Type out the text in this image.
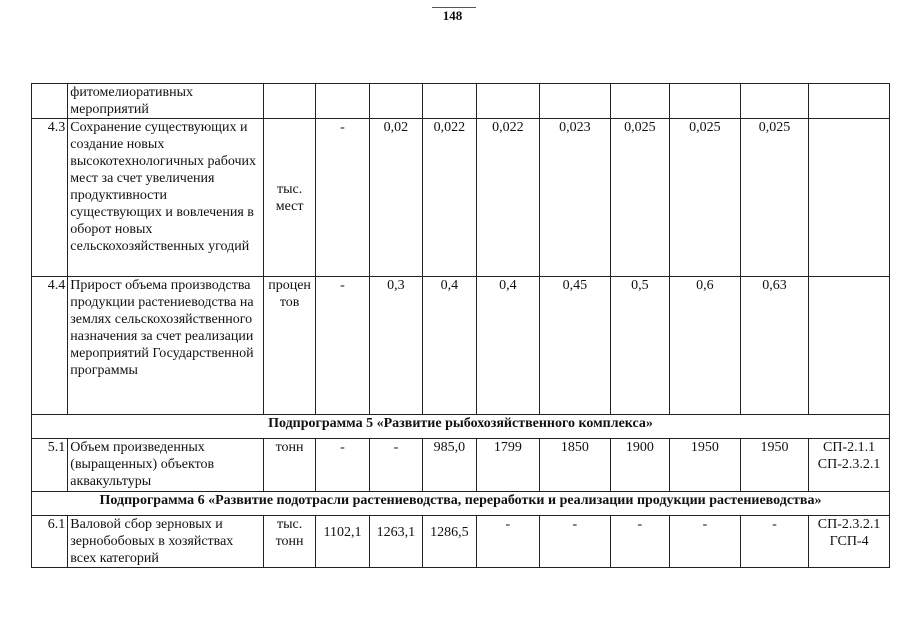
148
	фитомелиоративных мероприятий										
4.3	Сохранение существующих и создание новых высокотехнологичных рабочих мест за счет увеличения продуктивности существующих и вовлечения в оборот новых сельскохозяйственных угодий	тыс. мест	-	0,02	0,022	0,022	0,023	0,025	0,025	0,025	
4.4	Прирост объема производства продукции растениеводства на землях сельскохозяйственного назначения за счет реализации мероприятий Государственной программы	процен тов	-	0,3	0,4	0,4	0,45	0,5	0,6	0,63	
Подпрограмма 5 «Развитие рыбохозяйственного комплекса»											
5.1	Объем произведенных (выращенных) объектов аквакультуры	тонн	-	-	985,0	1799	1850	1900	1950	1950	СП-2.1.1 СП-2.3.2.1
Подпрограмма 6 «Развитие подотрасли растениеводства, переработки и реализации продукции растениеводства»											
6.1	Валовой сбор зерновых и зернобобовых в хозяйствах всех категорий	тыс. тонн	1102,1	1263,1	1286,5	-	-	-	-	-	СП-2.3.2.1 ГСП-4
